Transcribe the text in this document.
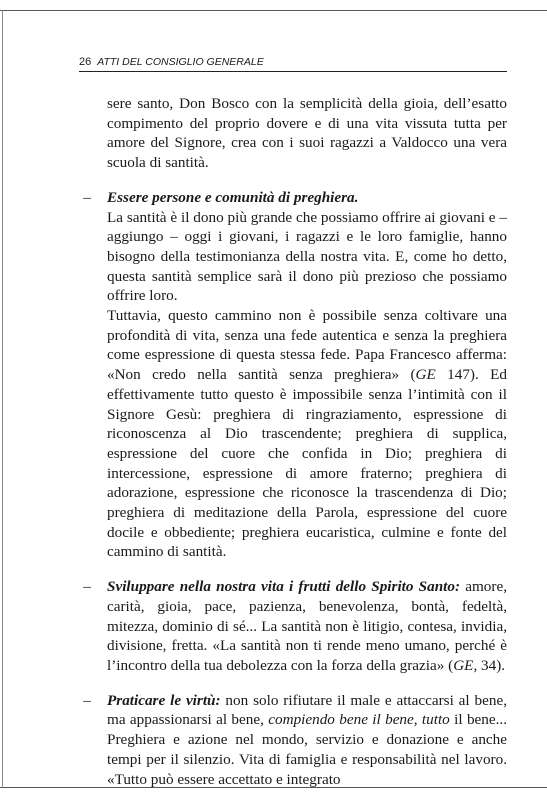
26 ATTI DEL CONSIGLIO GENERALE

sere santo, Don Bosco con la semplicità della gioia, dell’esatto compimento del proprio dovere e di una vita vissuta tutta per amore del Signore, crea con i suoi ragazzi a Valdocco una vera scuola di santità.

– Essere persone e comunità di preghiera.

La santità è il dono più grande che possiamo offrire ai giovani e – aggiungo – oggi i giovani, i ragazzi e le loro famiglie, hanno bisogno della testimonianza della nostra vita. E, come ho detto, questa santità semplice sarà il dono più prezioso che possiamo offrire loro.

Tuttavia, questo cammino non è possibile senza coltivare una profondità di vita, senza una fede autentica e senza la preghiera come espressione di questa stessa fede. Papa Francesco afferma: «Non credo nella santità senza preghiera» (GE 147). Ed effettivamente tutto questo è impossibile senza l’intimità con il Signore Gesù: preghiera di ringraziamento, espressione di riconoscenza al Dio trascendente; preghiera di supplica, espressione del cuore che confida in Dio; preghiera di intercessione, espressione di amore fraterno; preghiera di adorazione, espressione che riconosce la trascendenza di Dio; preghiera di meditazione della Parola, espressione del cuore docile e obbediente; preghiera eucaristica, culmine e fonte del cammino di santità.

– Sviluppare nella nostra vita i frutti dello Spirito Santo: amore, carità, gioia, pace, pazienza, benevolenza, bontà, fedeltà, mitezza, dominio di sé... La santità non è litigio, contesa, invidia, divisione, fretta. «La santità non ti rende meno umano, perché è l’incontro della tua debolezza con la forza della grazia» (GE, 34).

– Praticare le virtù: non solo rifiutare il male e attaccarsi al bene, ma appassionarsi al bene, compiendo bene il bene, tutto il bene... Preghiera e azione nel mondo, servizio e donazione e anche tempi per il silenzio. Vita di famiglia e responsabilità nel lavoro. «Tutto può essere accettato e integrato
